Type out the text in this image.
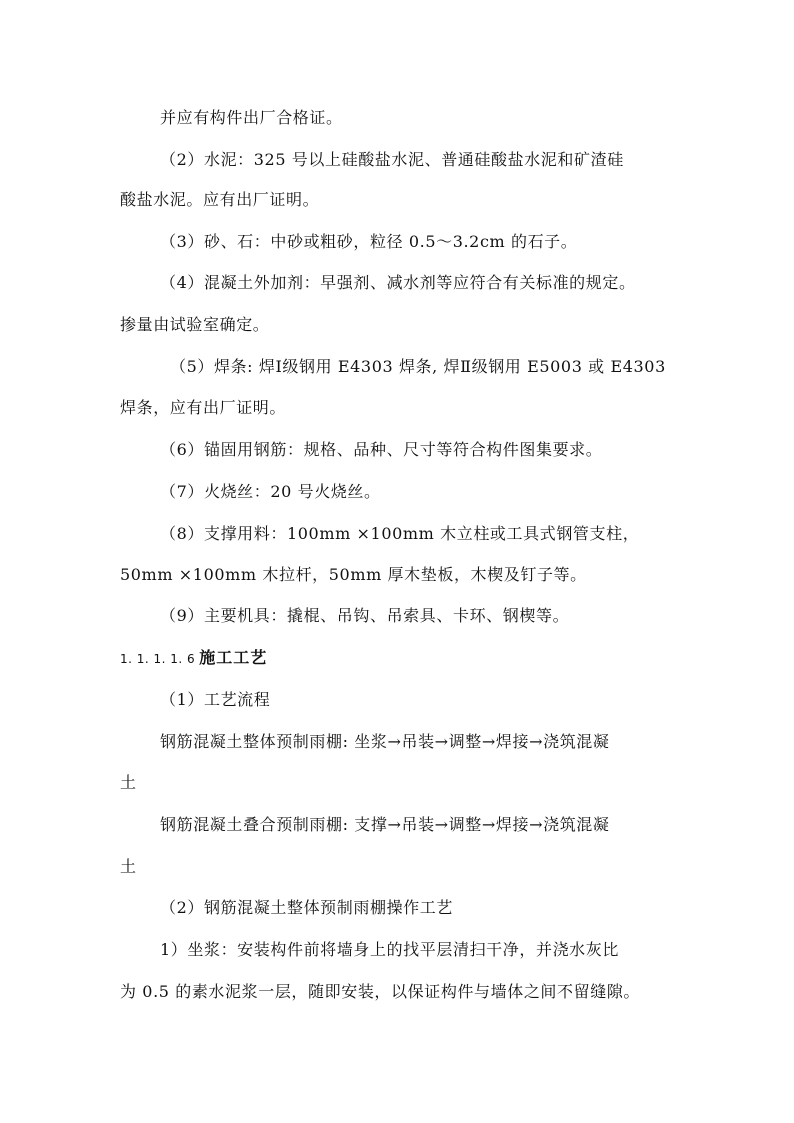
并应有构件出厂合格证。
（2）水泥：325 号以上硅酸盐水泥、普通硅酸盐水泥和矿渣硅
酸盐水泥。应有出厂证明。
（3）砂、石：中砂或粗砂，粒径 0.5～3.2cm 的石子。
（4）混凝土外加剂：早强剂、减水剂等应符合有关标准的规定。
掺量由试验室确定。
（5）焊条: 焊Ⅰ级钢用 E4303 焊条, 焊Ⅱ级钢用 E5003 或 E4303
焊条，应有出厂证明。
（6）锚固用钢筋：规格、品种、尺寸等符合构件图集要求。
（7）火烧丝：20 号火烧丝。
（8）支撑用料：100mm ×100mm 木立柱或工具式钢管支柱，
50mm ×100mm 木拉杆，50mm 厚木垫板，木楔及钉子等。
（9）主要机具：撬棍、吊钩、吊索具、卡环、钢楔等。
1. 1. 1. 1. 6 施工工艺
（1）工艺流程
钢筋混凝土整体预制雨棚: 坐浆→吊装→调整→焊接→浇筑混凝
土
钢筋混凝土叠合预制雨棚: 支撑→吊装→调整→焊接→浇筑混凝
土
（2）钢筋混凝土整体预制雨棚操作工艺
1）坐浆：安装构件前将墙身上的找平层清扫干净，并浇水灰比
为 0.5 的素水泥浆一层，随即安装，以保证构件与墙体之间不留缝隙。
